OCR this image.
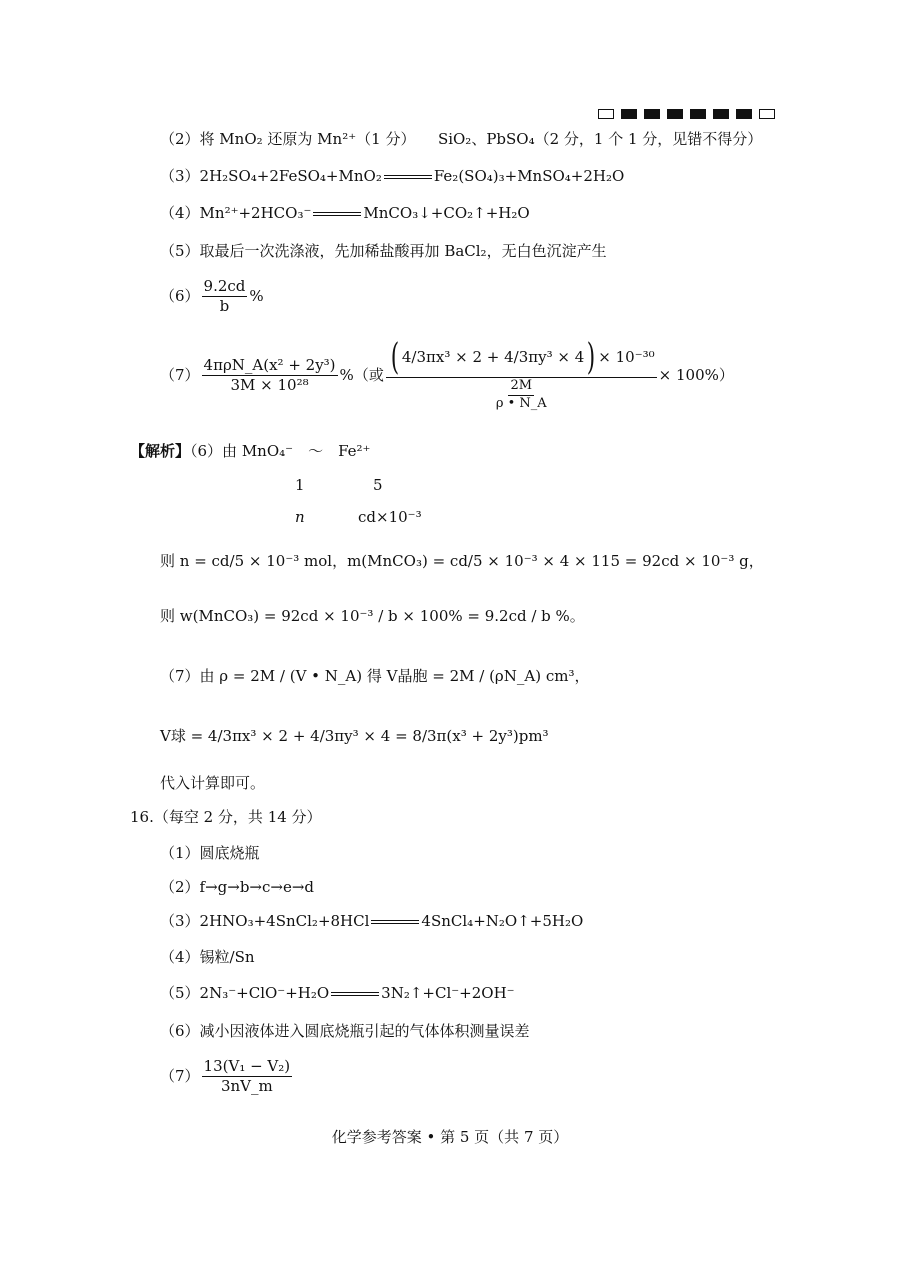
（2）将 MnO₂ 还原为 Mn²⁺（1 分）　　SiO₂、PbSO₄（2 分，1 个 1 分，见错不得分）
（3）2H₂SO₄+2FeSO₄+MnO₂	Fe₂(SO₄)₃+MnSO₄+2H₂O
（4）Mn²⁺+2HCO₃⁻	MnCO₃↓+CO₂↑+H₂O
（5）取最后一次洗涤液，先加稀盐酸再加 BaCl₂，无白色沉淀产生
$(6) \frac{9.2cd}{b}$ %
$(7) \frac{\text{4πρN\_A(x² + 2y³)}}{\text{3M × 10²⁸}}$ %（或 $\frac{\text{( 4/3πx³ × 2 + 4/3πy³ × 4) × 10⁻³⁰}}{\frac{2M}{\rho • N\_A}} \times 100\%$）
【解析】（6）由 MnO₄⁻　～　Fe²⁺
1	5
n	cd×10⁻³
则 n = cd/5 × 10⁻³ mol，m(MnCO₃) = cd/5 × 10⁻³ × 4 × 115 = 92cd × 10⁻³ g，
则 w(MnCO₃) = 92cd × 10⁻³ / b × 100% = 9.2cd / b %。
（7）由 ρ = 2M / (V • N_A) 得 V晶胞 = 2M / (ρN_A) cm³，
V球 = 4/3πx³ × 2 + 4/3πy³ × 4 = 8/3π(x³ + 2y³)pm³
代入计算即可。
16.（每空 2 分，共 14 分）
（1）圆底烧瓶
（2）f→g→b→c→e→d
（3）2HNO₃+4SnCl₂+8HCl	4SnCl₄+N₂O↑+5H₂O
（4）锡粒/Sn
（5）2N₃⁻+ClO⁻+H₂O	3N₂↑+Cl⁻+2OH⁻
（6）减小因液体进入圆底烧瓶引起的气体体积测量误差
$(7) \frac{\text{13(V₁ − V₂)}}{3nV\_m}$
化学参考答案 • 第 5 页（共 7 页）
